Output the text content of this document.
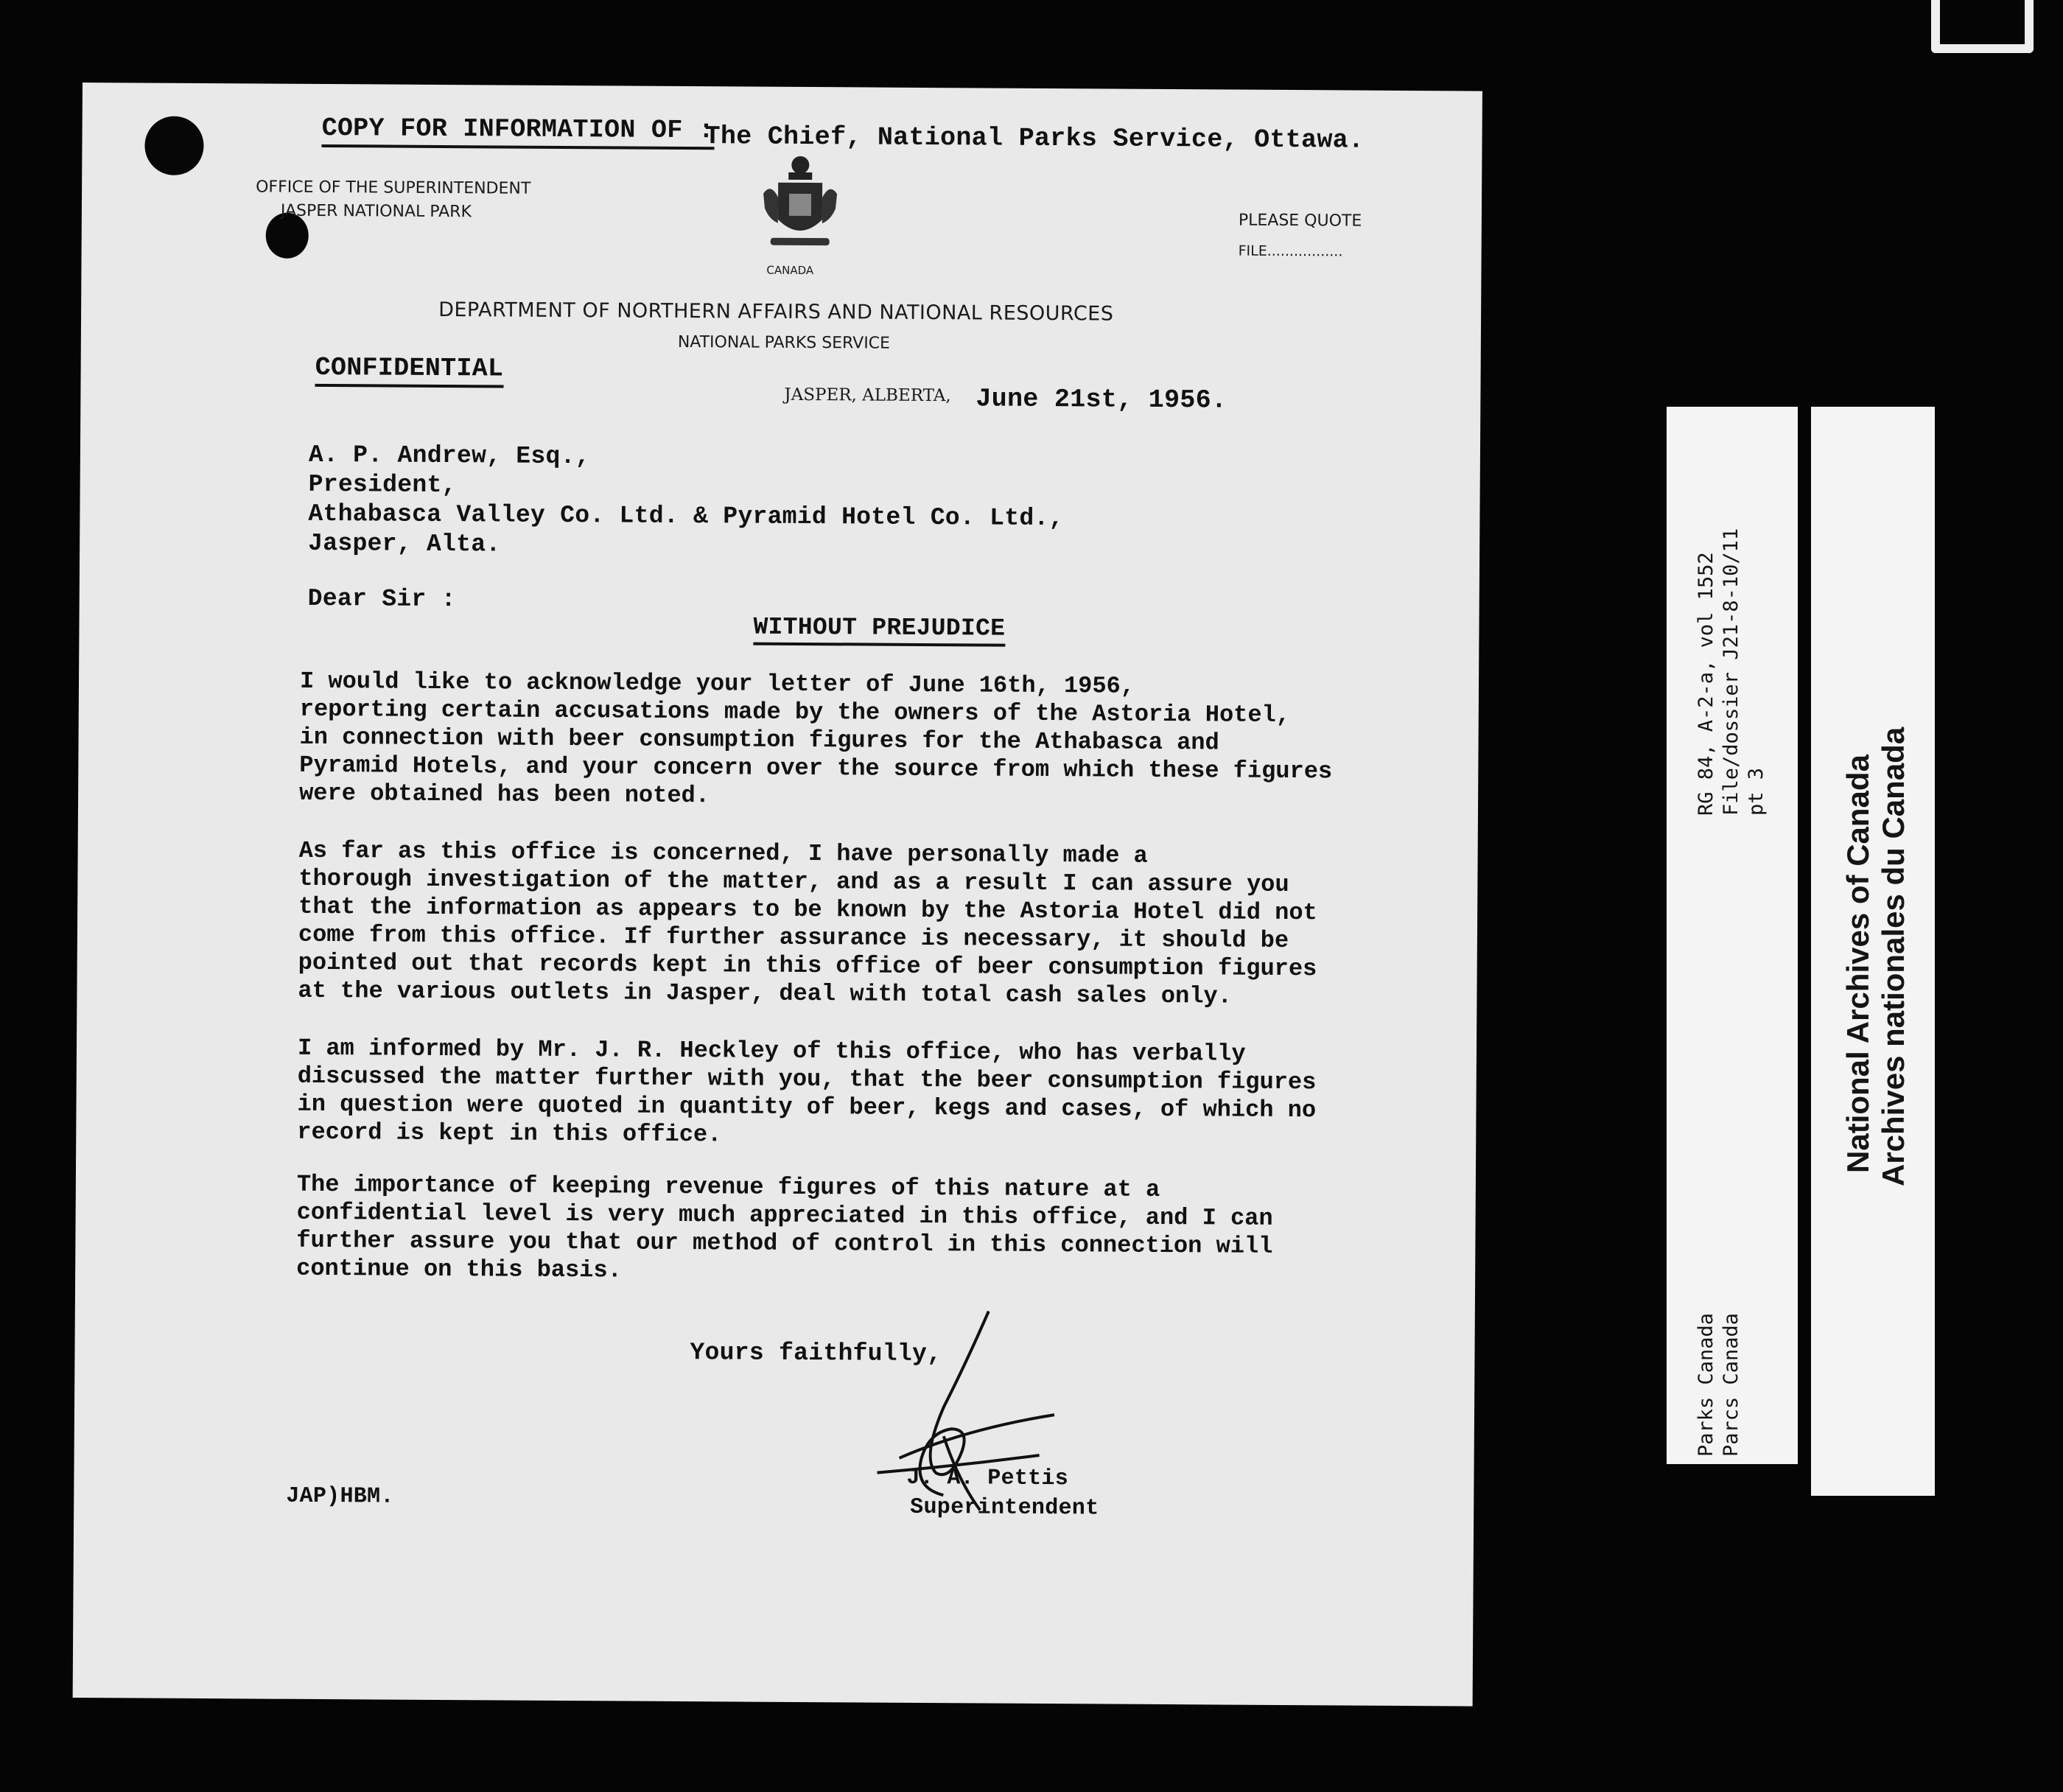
COPY FOR INFORMATION OF :
The Chief, National Parks Service, Ottawa.
OFFICE OF THE SUPERINTENDENT
JASPER NATIONAL PARK
CANADA
PLEASE QUOTE
FILE.................
DEPARTMENT OF NORTHERN AFFAIRS AND NATIONAL RESOURCES
NATIONAL PARKS SERVICE
CONFIDENTIAL
JASPER, ALBERTA, June 21st, 1956.
A. P. Andrew, Esq.,
President,
Athabasca Valley Co. Ltd. & Pyramid Hotel Co. Ltd.,
Jasper, Alta.
Dear Sir :
WITHOUT PREJUDICE

I would like to acknowledge your letter of June 16th, 1956,
reporting certain accusations made by the owners of the Astoria Hotel,
in connection with beer consumption figures for the Athabasca and
Pyramid Hotels, and your concern over the source from which these figures
were obtained has been noted.

As far as this office is concerned, I have personally made a
thorough investigation of the matter, and as a result I can assure you
that the information as appears to be known by the Astoria Hotel did not
come from this office. If further assurance is necessary, it should be
pointed out that records kept in this office of beer consumption figures
at the various outlets in Jasper, deal with total cash sales only.

I am informed by Mr. J. R. Heckley of this office, who has verbally
discussed the matter further with you, that the beer consumption figures
in question were quoted in quantity of beer, kegs and cases, of which no
record is kept in this office.

The importance of keeping revenue figures of this nature at a
confidential level is very much appreciated in this office, and I can
further assure you that our method of control in this connection will
continue on this basis.

Yours faithfully,
J. A. Pettis
Superintendent
JAP)HBM.
RG 84, A-2-a, vol 1552 File/dossier J21-8-10/11 pt 3
Parks Canada Parcs Canada
National Archives of Canada Archives nationales du Canada
